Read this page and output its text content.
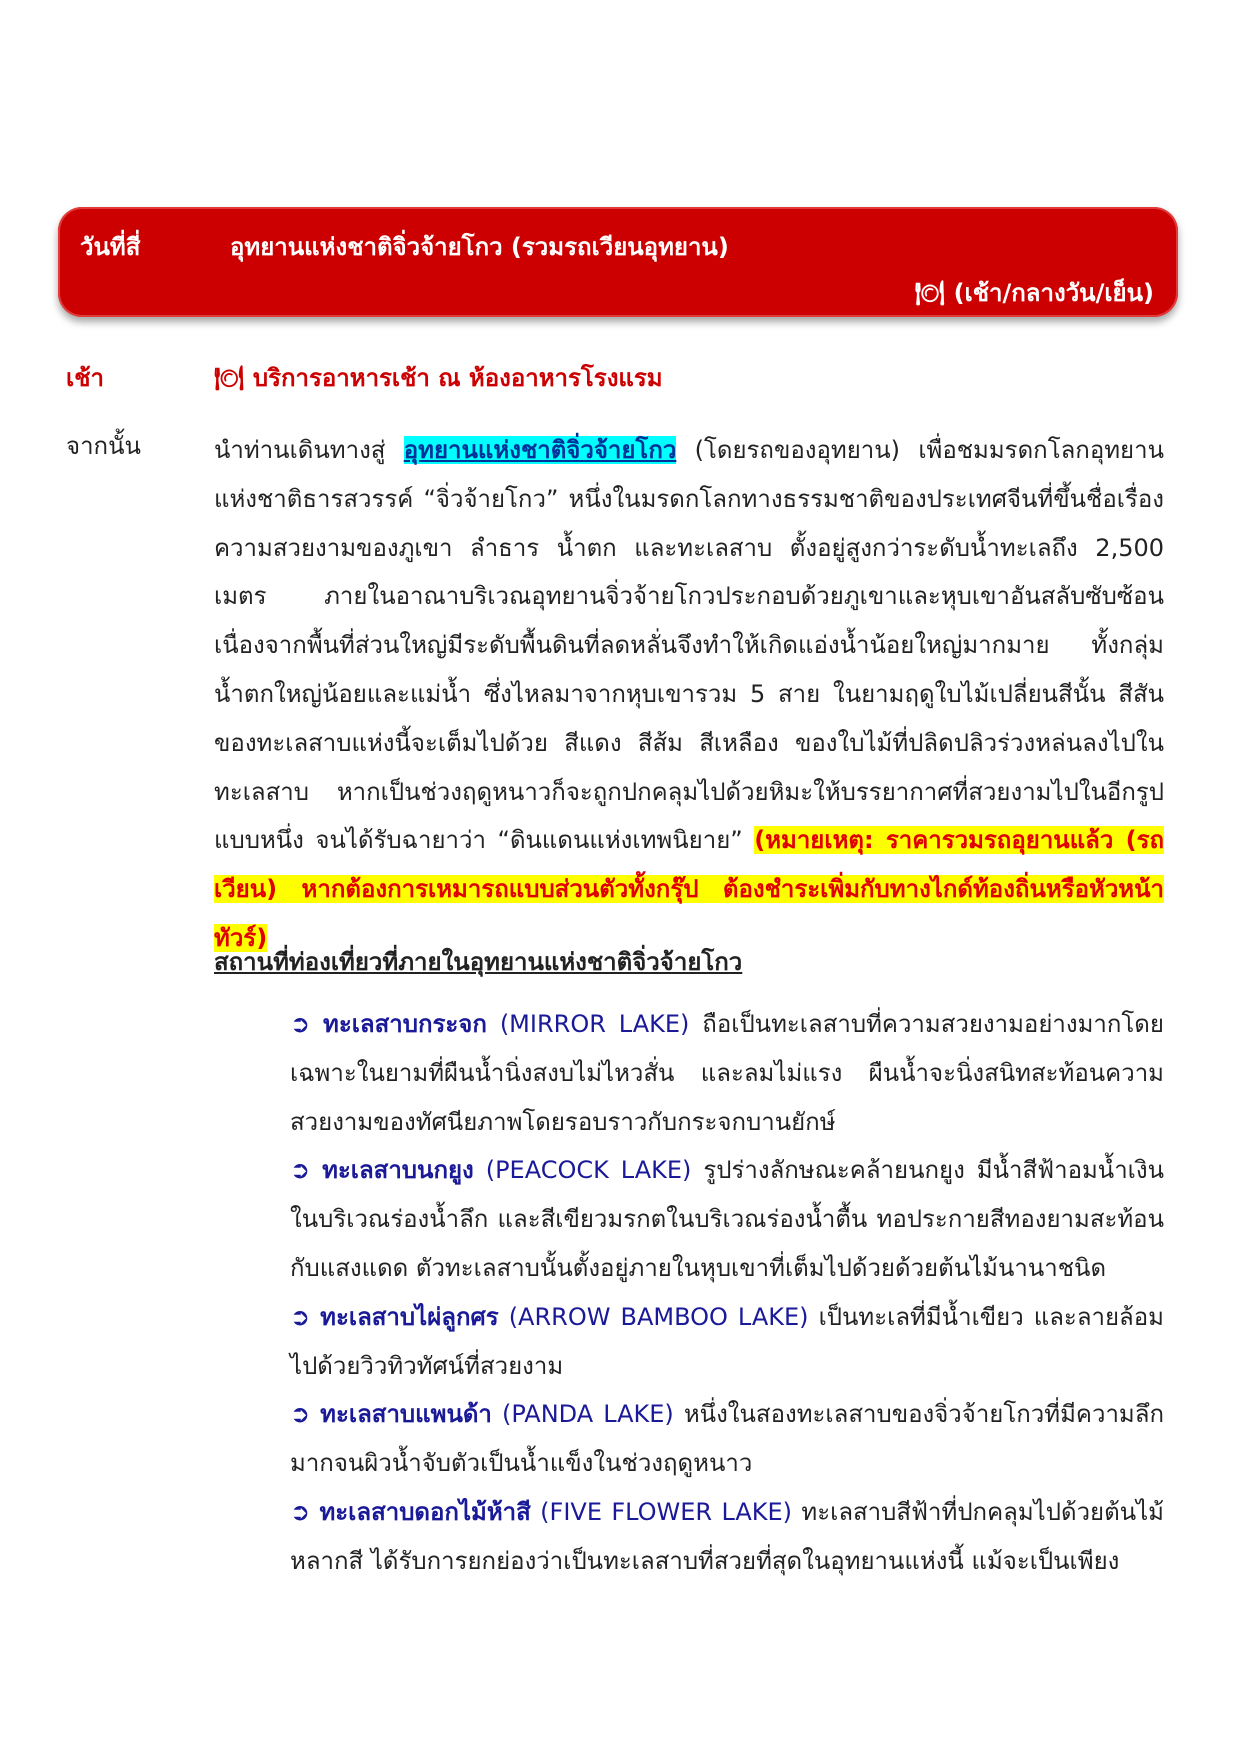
วันที่สี่	อุทยานแห่งชาติจิ่วจ้ายโกว (รวมรถเวียนอุทยาน)
🍽 (เช้า/กลางวัน/เย็น)
เช้า	🍽 บริการอาหารเช้า ณ ห้องอาหารโรงแรม
จากนั้น	นำท่านเดินทางสู่ อุทยานแห่งชาติจิ่วจ้ายโกว (โดยรถของอุทยาน) เพื่อชมมรดกโลกอุทยานแห่งชาติธารสวรรค์ “จิ่วจ้ายโกว” หนึ่งในมรดกโลกทางธรรมชาติของประเทศจีนที่ขึ้นชื่อเรื่องความสวยงามของภูเขา ลำธาร น้ำตก และทะเลสาบ ตั้งอยู่สูงกว่าระดับน้ำทะเลถึง 2,500 เมตร ภายในอาณาบริเวณอุทยานจิ่วจ้ายโกวประกอบด้วยภูเขาและหุบเขาอันสลับซับซ้อน เนื่องจากพื้นที่ส่วนใหญ่มีระดับพื้นดินที่ลดหลั่นจึงทำให้เกิดแอ่งน้ำน้อยใหญ่มากมาย ทั้งกลุ่มน้ำตกใหญ่น้อยและแม่น้ำ ซึ่งไหลมาจากหุบเขารวม 5 สาย ในยามฤดูใบไม้เปลี่ยนสีนั้น สีสันของทะเลสาบแห่งนี้จะเต็มไปด้วย สีแดง สีส้ม สีเหลือง ของใบไม้ที่ปลิดปลิวร่วงหล่นลงไปในทะเลสาบ หากเป็นช่วงฤดูหนาวก็จะถูกปกคลุมไปด้วยหิมะให้บรรยากาศที่สวยงามไปในอีกรูปแบบหนึ่ง จนได้รับฉายาว่า “ดินแดนแห่งเทพนิยาย” (หมายเหตุ: ราคารวมรถอุยานแล้ว (รถเวียน) หากต้องการเหมารถแบบส่วนตัวทั้งกรุ๊ป ต้องชำระเพิ่มกับทางไกด์ท้องถิ่นหรือหัวหน้าทัวร์)
สถานที่ท่องเที่ยวที่ภายในอุทยานแห่งชาติจิ่วจ้ายโกว
➲ ทะเลสาบกระจก (MIRROR LAKE) ถือเป็นทะเลสาบที่ความสวยงามอย่างมากโดยเฉพาะในยามที่ผืนน้ำนิ่งสงบไม่ไหวสั่น และลมไม่แรง ผืนน้ำจะนิ่งสนิทสะท้อนความสวยงามของทัศนียภาพโดยรอบราวกับกระจกบานยักษ์
➲ ทะเลสาบนกยูง (PEACOCK LAKE) รูปร่างลักษณะคล้ายนกยูง มีน้ำสีฟ้าอมน้ำเงินในบริเวณร่องน้ำลึก และสีเขียวมรกตในบริเวณร่องน้ำตื้น ทอประกายสีทองยามสะท้อนกับแสงแดด ตัวทะเลสาบนั้นตั้งอยู่ภายในหุบเขาที่เต็มไปด้วยด้วยต้นไม้นานาชนิด
➲ ทะเลสาบไผ่ลูกศร (ARROW BAMBOO LAKE) เป็นทะเลที่มีน้ำเขียว และลายล้อมไปด้วยวิวทิวทัศน์ที่สวยงาม
➲ ทะเลสาบแพนด้า (PANDA LAKE) หนึ่งในสองทะเลสาบของจิ่วจ้ายโกวที่มีความลึกมากจนผิวน้ำจับตัวเป็นน้ำแข็งในช่วงฤดูหนาว
➲ ทะเลสาบดอกไม้ห้าสี (FIVE FLOWER LAKE) ทะเลสาบสีฟ้าที่ปกคลุมไปด้วยต้นไม้หลากสี ได้รับการยกย่องว่าเป็นทะเลสาบที่สวยที่สุดในอุทยานแห่งนี้ แม้จะเป็นเพียง
